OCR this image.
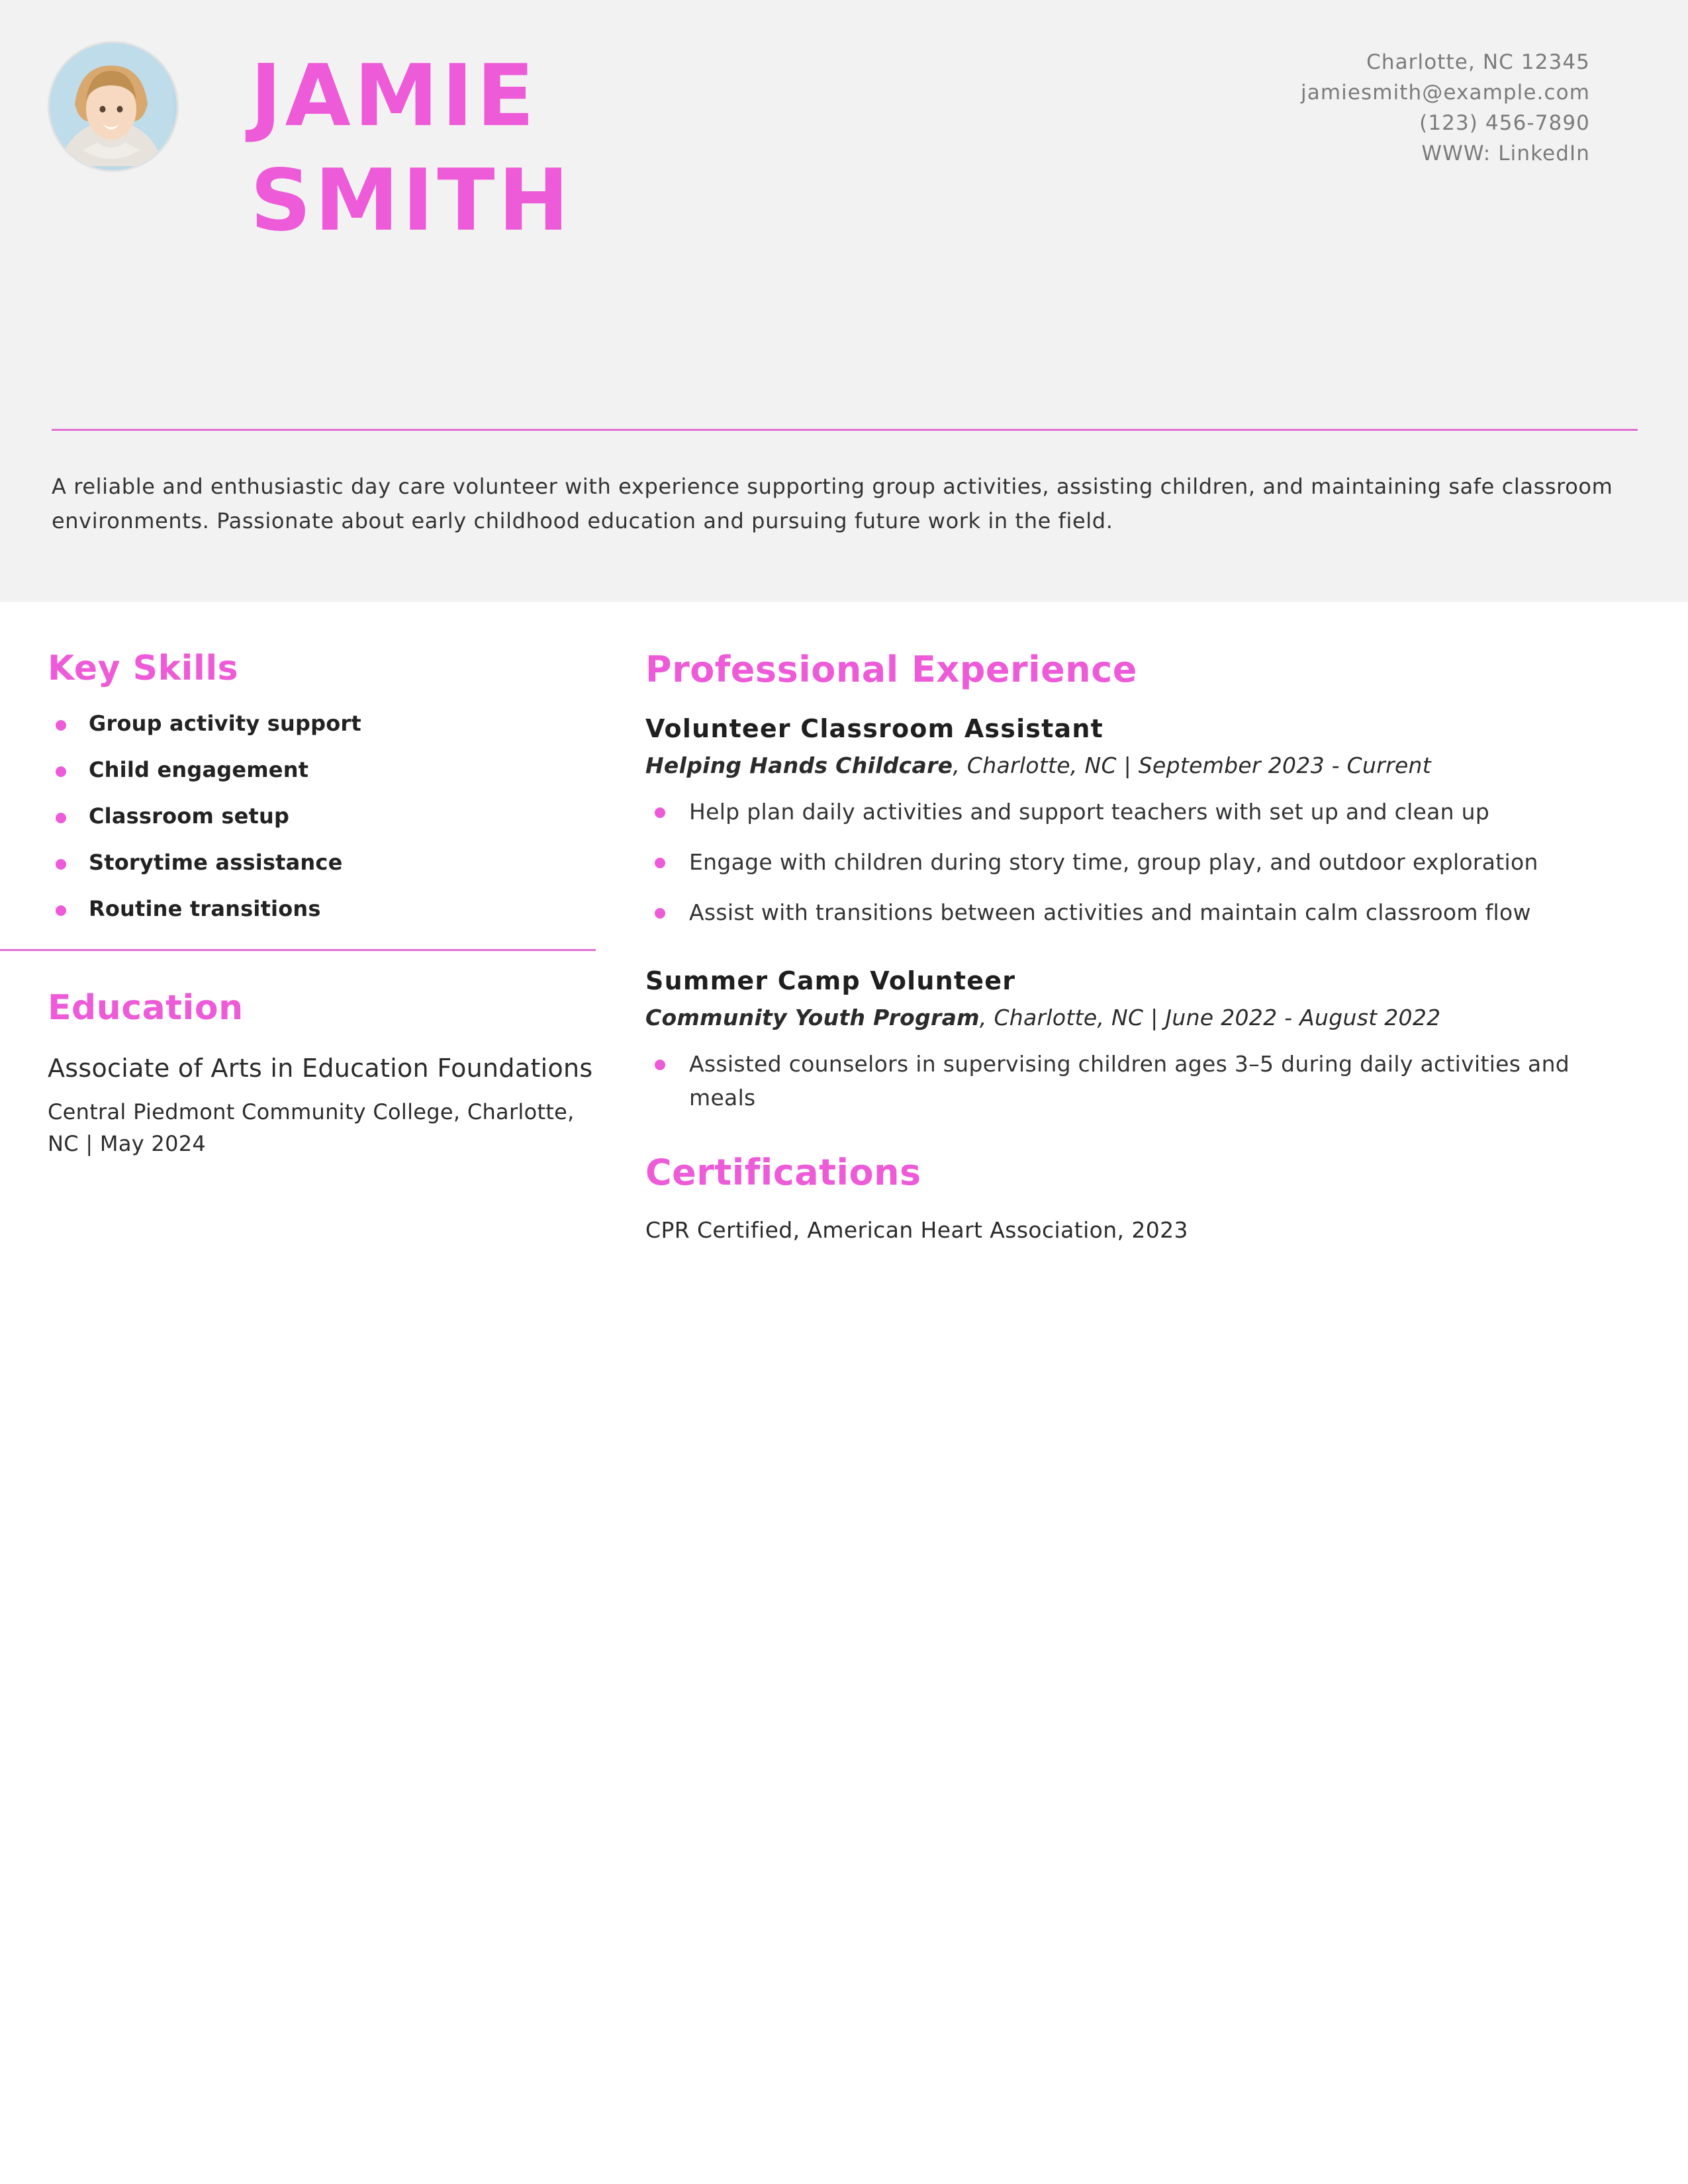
JAMIE
SMITH
Charlotte, NC 12345
jamiesmith@example.com
(123) 456-7890
WWW: LinkedIn
A reliable and enthusiastic day care volunteer with experience supporting group activities, assisting children, and maintaining safe classroom environments. Passionate about early childhood education and pursuing future work in the field.
Key Skills
Group activity support
Child engagement
Classroom setup
Storytime assistance
Routine transitions
Education
Associate of Arts in Education Foundations
Central Piedmont Community College, Charlotte, NC | May 2024
Professional Experience
Volunteer Classroom Assistant
Helping Hands Childcare, Charlotte, NC | September 2023 - Current
Help plan daily activities and support teachers with set up and clean up
Engage with children during story time, group play, and outdoor exploration
Assist with transitions between activities and maintain calm classroom flow
Summer Camp Volunteer
Community Youth Program, Charlotte, NC | June 2022 - August 2022
Assisted counselors in supervising children ages 3–5 during daily activities and meals
Certifications
CPR Certified, American Heart Association, 2023
